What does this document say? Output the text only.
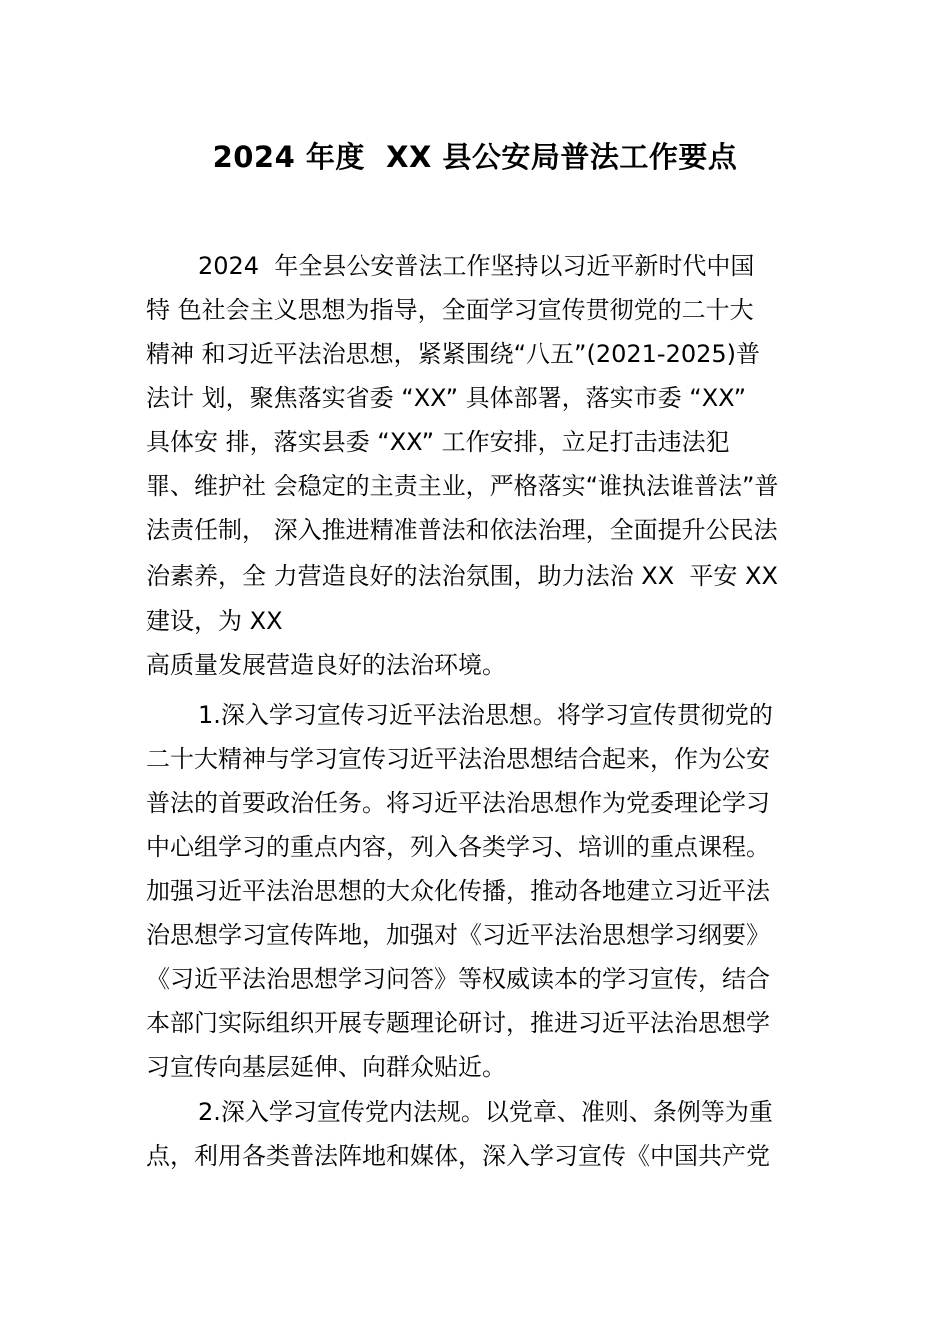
2024 年度  XX 县公安局普法工作要点
2024  年全县公安普法工作坚持以习近平新时代中国
特 色社会主义思想为指导，全面学习宣传贯彻党的二十大
精神 和习近平法治思想，紧紧围绕“八五”(2021-2025)普
法计 划，聚焦落实省委 “XX” 具体部署，落实市委 “XX”
具体安 排，落实县委 “XX” 工作安排，立足打击违法犯
罪、维护社 会稳定的主责主业，严格落实“谁执法谁普法”普
法责任制， 深入推进精准普法和依法治理，全面提升公民法
治素养，全 力营造良好的法治氛围，助力法治 XX  平安 XX
建设，为 XX
高质量发展营造良好的法治环境。
1.深入学习宣传习近平法治思想。将学习宣传贯彻党的
二十大精神与学习宣传习近平法治思想结合起来，作为公安
普法的首要政治任务。将习近平法治思想作为党委理论学习
中心组学习的重点内容，列入各类学习、培训的重点课程。
加强习近平法治思想的大众化传播，推动各地建立习近平法
治思想学习宣传阵地，加强对《习近平法治思想学习纲要》
《习近平法治思想学习问答》等权威读本的学习宣传，结合
本部门实际组织开展专题理论研讨，推进习近平法治思想学
习宣传向基层延伸、向群众贴近。
2.深入学习宣传党内法规。以党章、准则、条例等为重
点，利用各类普法阵地和媒体，深入学习宣传《中国共产党
